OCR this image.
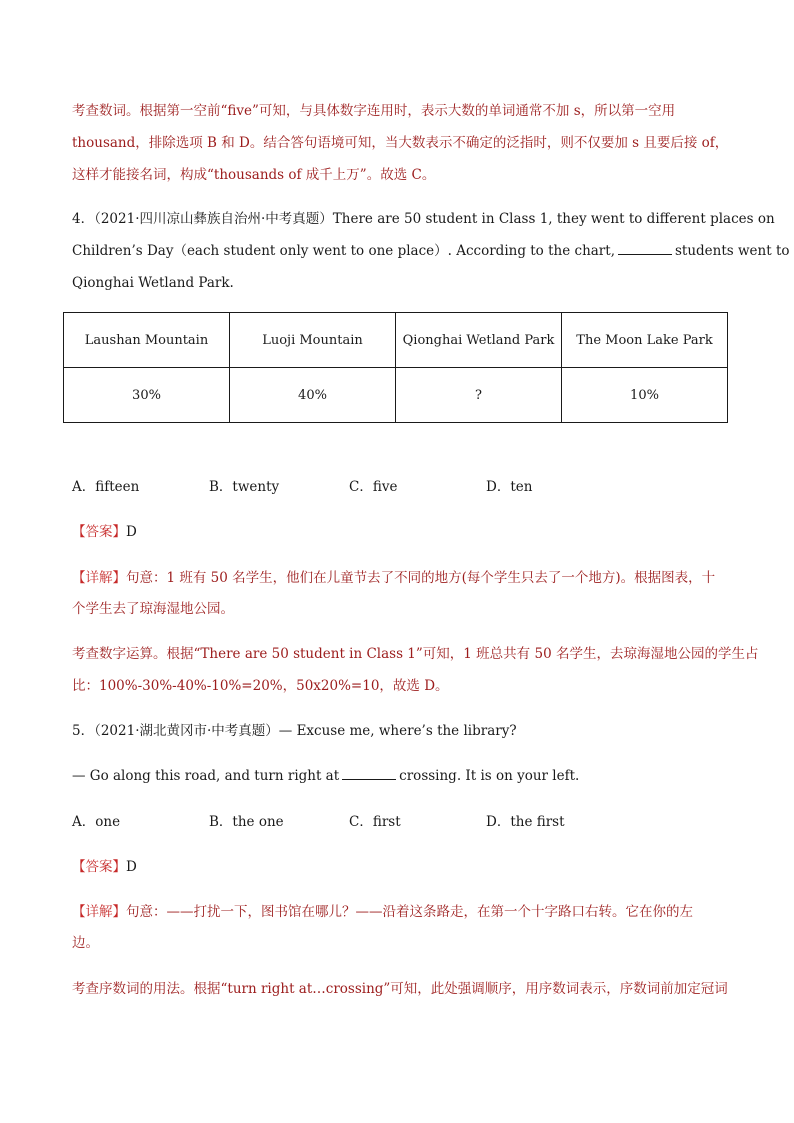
考查数词。根据第一空前“five”可知，与具体数字连用时，表示大数的单词通常不加 s，所以第一空用
thousand，排除选项 B 和 D。结合答句语境可知，当大数表示不确定的泛指时，则不仅要加 s 且要后接 of，
这样才能接名词，构成“thousands of 成千上万”。故选 C。
4．（2021·四川凉山彝族自治州·中考真题）There are 50 student in Class 1, they went to different places on
Children’s Day（each student only went to one place）. According to the chart,	students went to
Qionghai Wetland Park.
Laushan Mountain	Luoji Mountain	Qionghai Wetland Park	The Moon Lake Park
30%	40%	?	10%
A．fifteen	B．twenty	C．five	D．ten
【答案】D
【详解】句意：1 班有 50 名学生，他们在儿童节去了不同的地方(每个学生只去了一个地方)。根据图表，十
个学生去了琼海湿地公园。
考查数字运算。根据“There are 50 student in Class 1”可知，1 班总共有 50 名学生，去琼海湿地公园的学生占
比：100%-30%-40%-10%=20%，50x20%=10，故选 D。
5．（2021·湖北黄冈市·中考真题）— Excuse me, where’s the library?
— Go along this road, and turn right at	crossing. It is on your left.
A．one	B．the one	C．first	D．the first
【答案】D
【详解】句意：——打扰一下，图书馆在哪儿？——沿着这条路走，在第一个十字路口右转。它在你的左
边。
考查序数词的用法。根据“turn right at…crossing”可知，此处强调顺序，用序数词表示，序数词前加定冠词
